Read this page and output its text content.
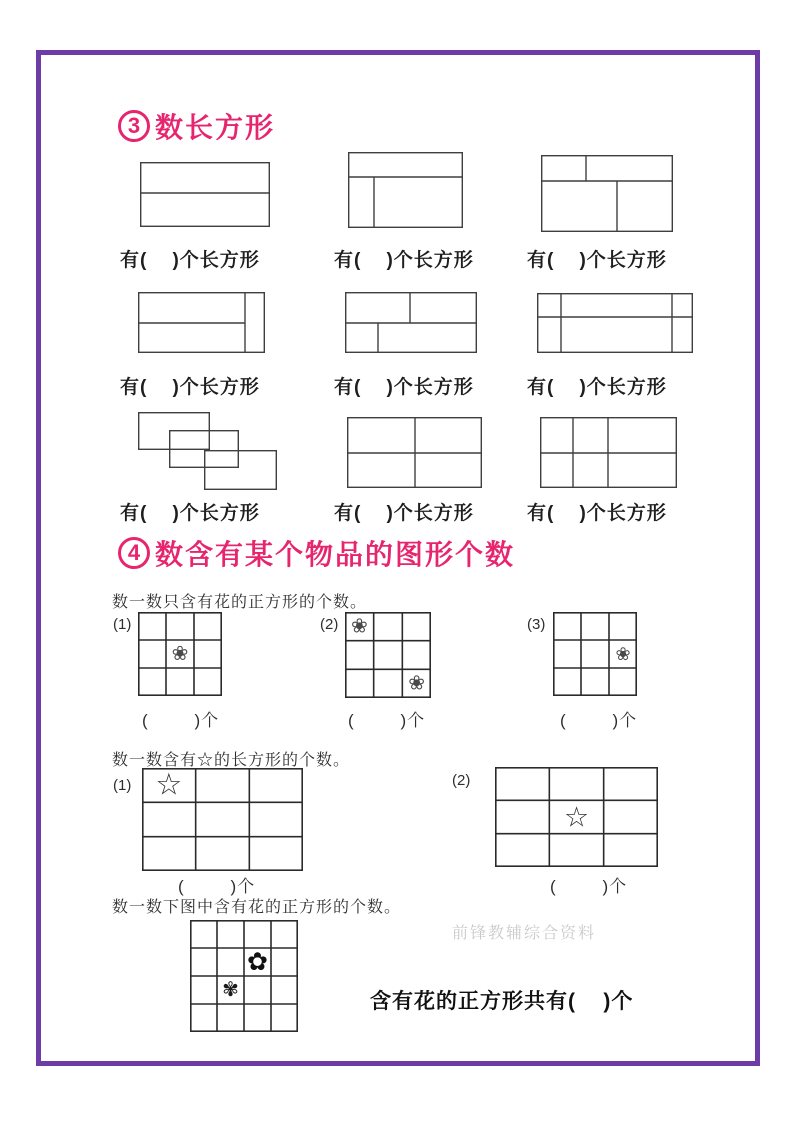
3 数长方形
有(    )个长方形	有(    )个长方形	有(    )个长方形
有(    )个长方形	有(    )个长方形	有(    )个长方形
有(    )个长方形	有(    )个长方形	有(    )个长方形
4 数含有某个物品的图形个数
数一数只含有花的正方形的个数。
(1)
❀
(2) ❀
❀
(3)
❀
(        )个	(        )个	(        )个
数一数含有☆的长方形的个数。
(1) ☆	(2)
☆
(        )个	(        )个
数一数下图中含有花的正方形的个数。
✿
✾
前锋教辅综合资料
含有花的正方形共有(    )个
